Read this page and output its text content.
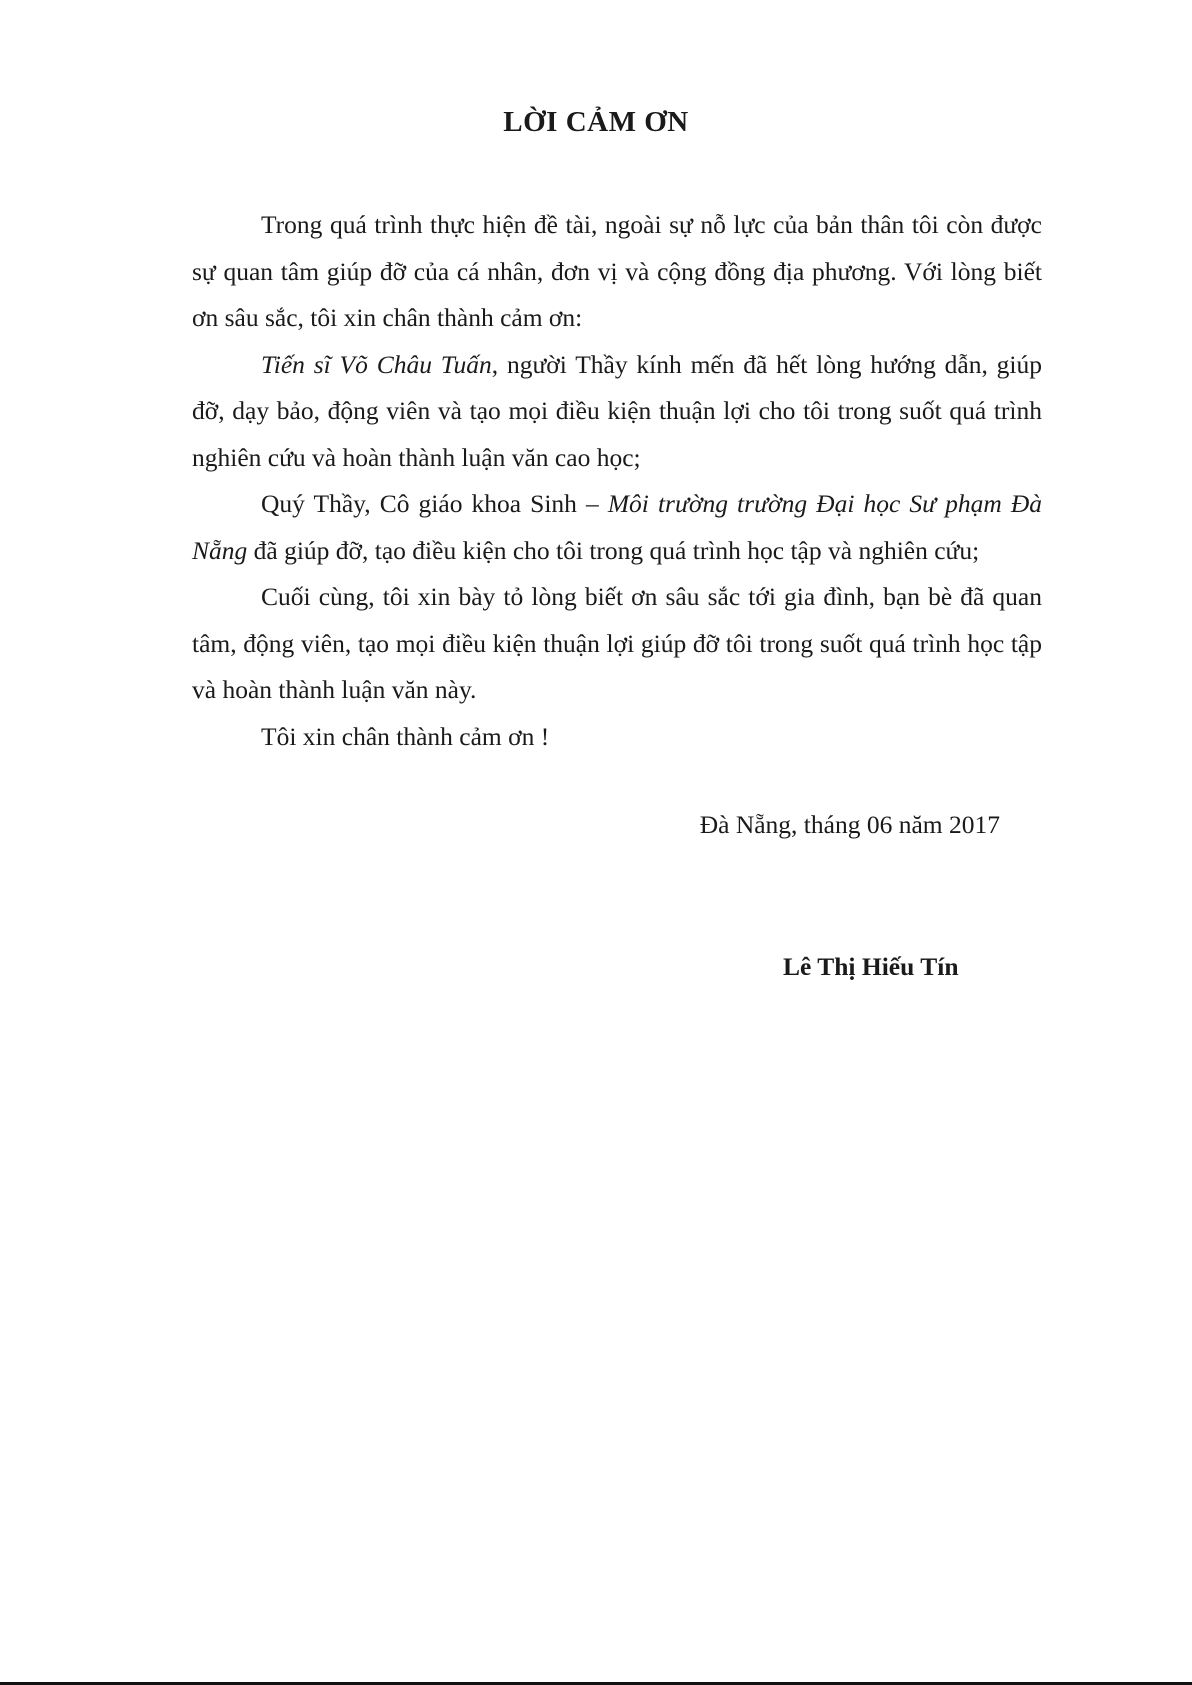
LỜI CẢM ƠN

Trong quá trình thực hiện đề tài, ngoài sự nỗ lực của bản thân tôi còn được sự quan tâm giúp đỡ của cá nhân, đơn vị và cộng đồng địa phương. Với lòng biết ơn sâu sắc, tôi xin chân thành cảm ơn:

Tiến sĩ Võ Châu Tuấn, người Thầy kính mến đã hết lòng hướng dẫn, giúp đỡ, dạy bảo, động viên và tạo mọi điều kiện thuận lợi cho tôi trong suốt quá trình nghiên cứu và hoàn thành luận văn cao học;

Quý Thầy, Cô giáo khoa Sinh – Môi trường trường Đại học Sư phạm Đà Nẵng đã giúp đỡ, tạo điều kiện cho tôi trong quá trình học tập và nghiên cứu;

Cuối cùng, tôi xin bày tỏ lòng biết ơn sâu sắc tới gia đình, bạn bè đã quan tâm, động viên, tạo mọi điều kiện thuận lợi giúp đỡ tôi trong suốt quá trình học tập và hoàn thành luận văn này.

Tôi xin chân thành cảm ơn !

Đà Nẵng, tháng 06 năm 2017
Lê Thị Hiếu Tín
